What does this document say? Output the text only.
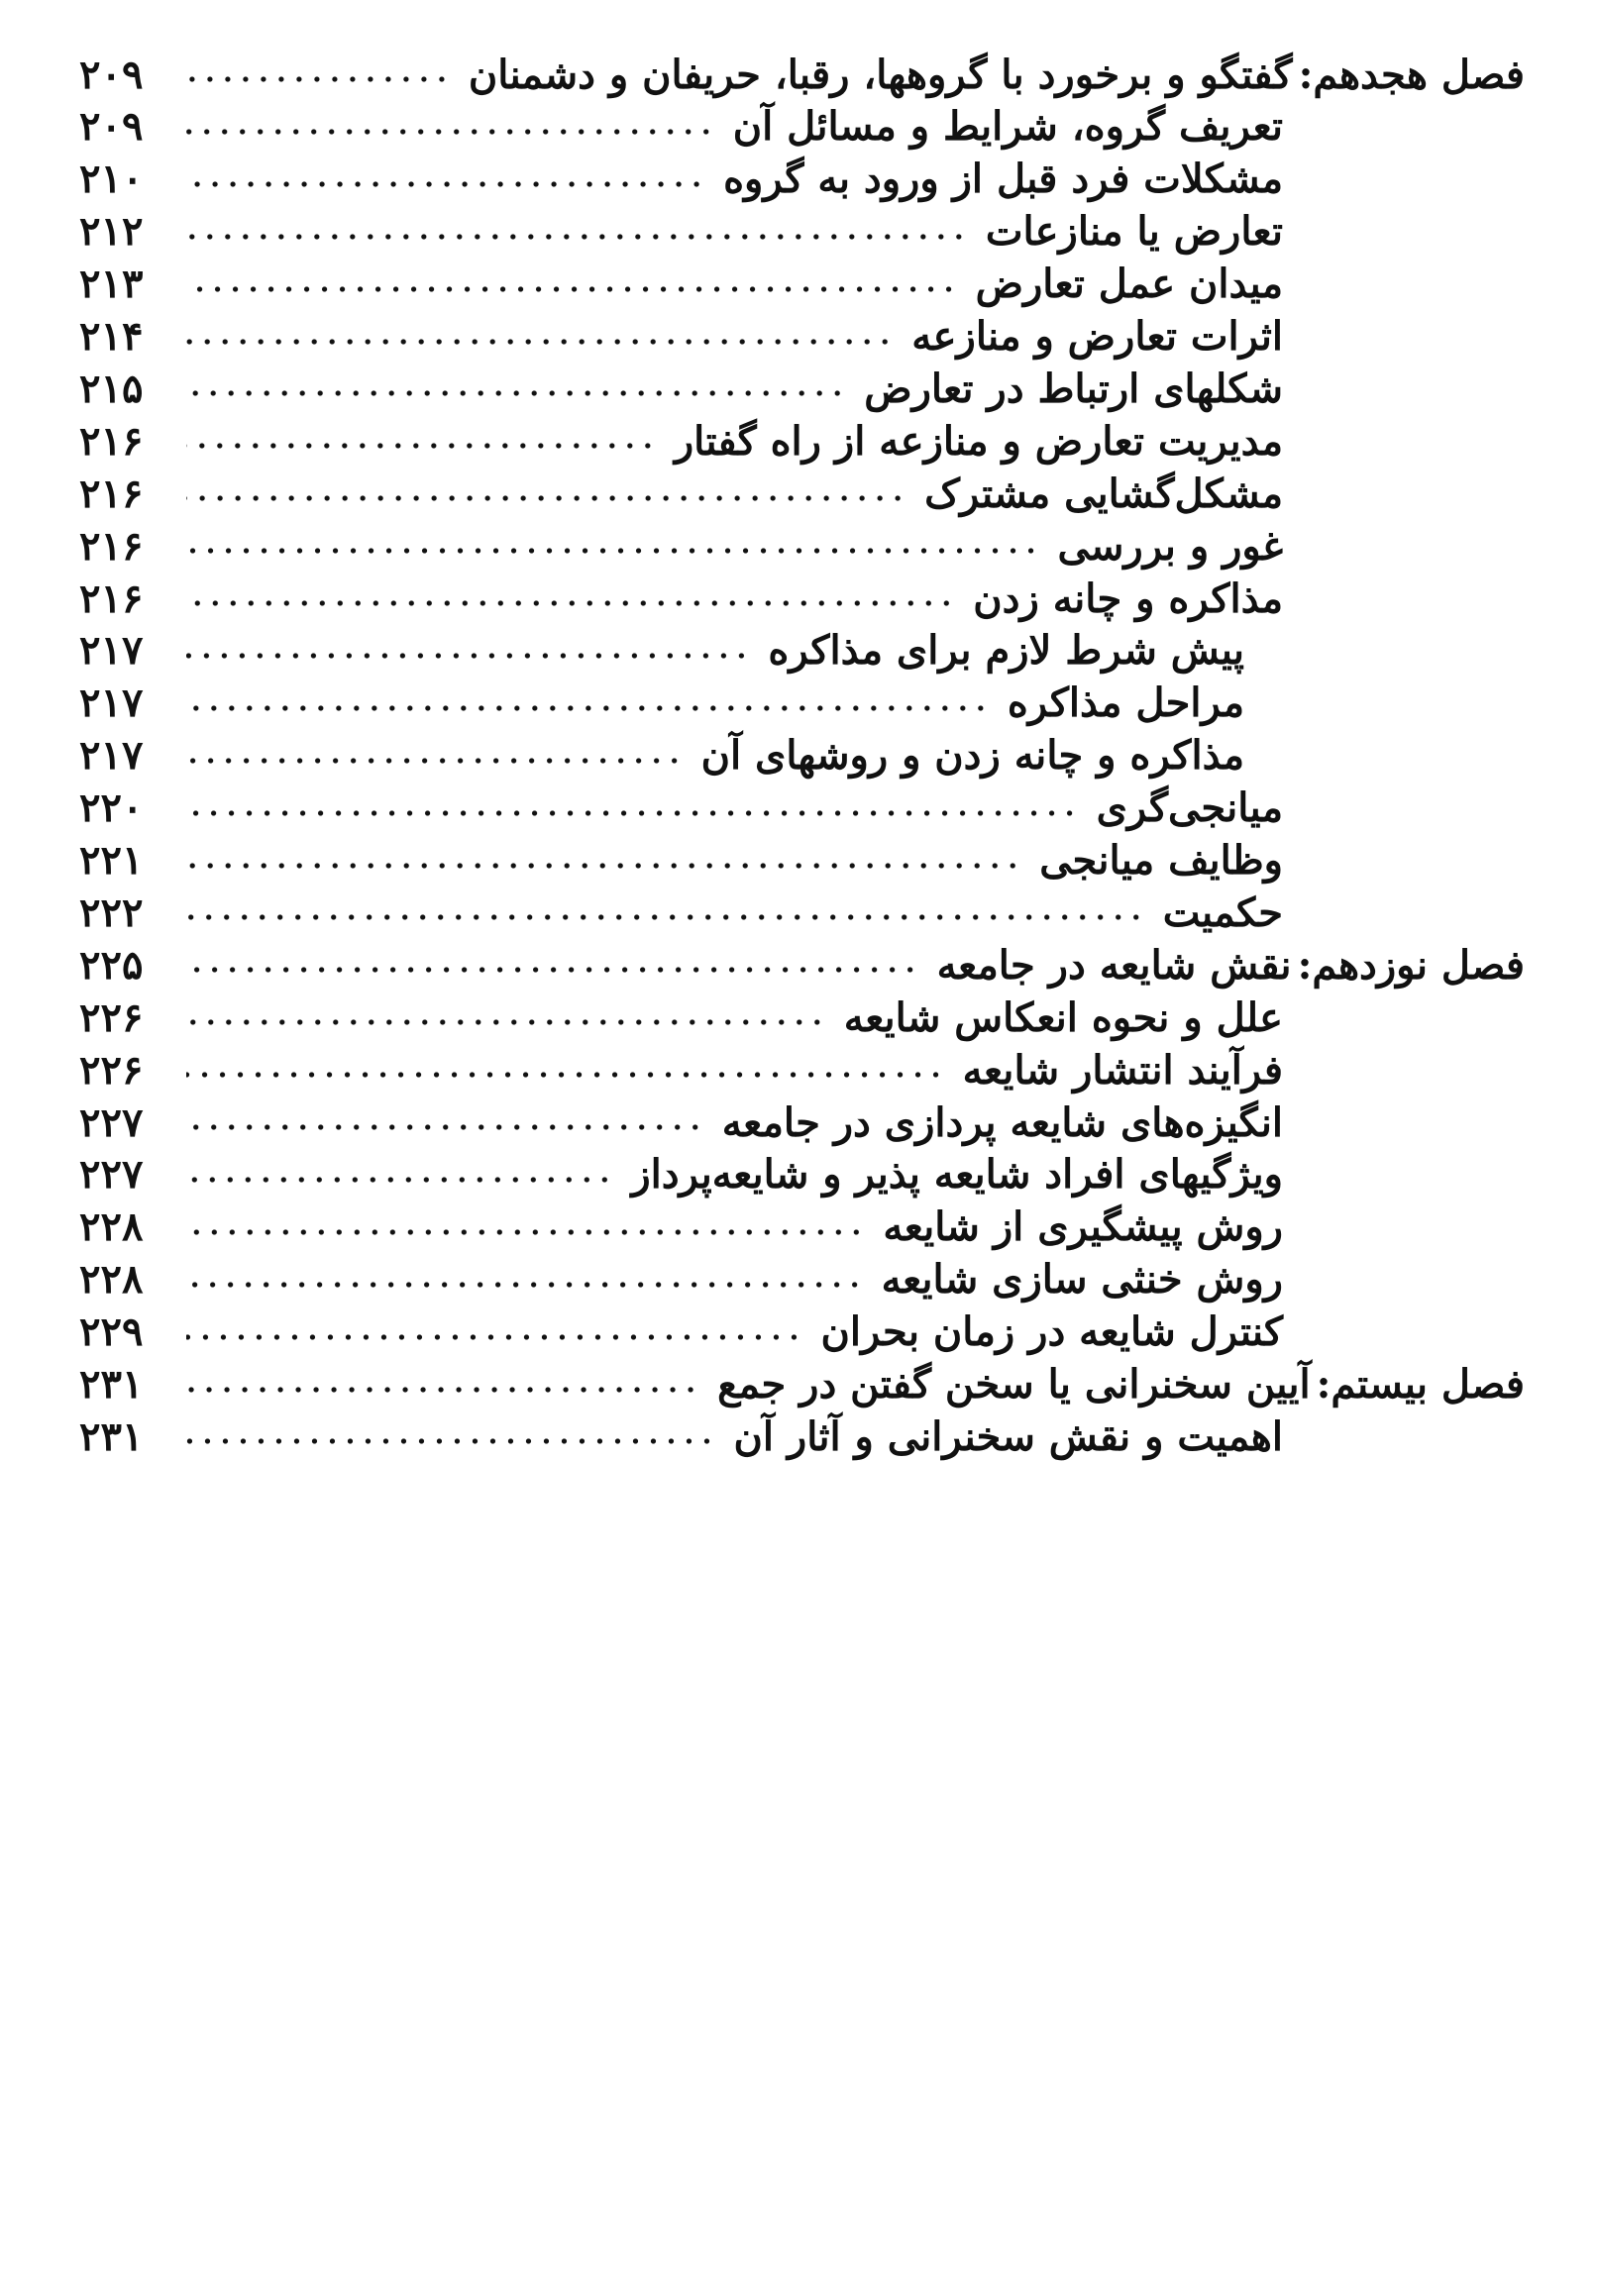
فصل هجدهم:گفتگو و برخورد با گروهها، رقبا، حریفان و دشمنان
۲۰۹
تعریف گروه، شرایط و مسائل آن
۲۰۹
مشکلات فرد قبل از ورود به گروه
۲۱۰
تعارض یا منازعات
۲۱۲
میدان عمل تعارض
۲۱۳
اثرات تعارض و منازعه
۲۱۴
شکلهای ارتباط در تعارض
۲۱۵
مدیریت تعارض و منازعه از راه گفتار
۲۱۶
مشکل‌گشایی مشترک
۲۱۶
غور و بررسی
۲۱۶
مذاکره و چانه زدن
۲۱۶
پیش شرط لازم برای مذاکره
۲۱۷
مراحل مذاکره
۲۱۷
مذاکره و چانه زدن و روشهای آن
۲۱۷
میانجی‌گری
۲۲۰
وظایف میانجی
۲۲۱
حکمیت
۲۲۲
فصل نوزدهم:نقش شایعه در جامعه
۲۲۵
علل و نحوه انعکاس شایعه
۲۲۶
فرآیند انتشار شایعه
۲۲۶
انگیزه‌های شایعه پردازی در جامعه
۲۲۷
ویژگیهای افراد شایعه پذیر و شایعه‌پرداز
۲۲۷
روش پیشگیری از شایعه
۲۲۸
روش خنثی سازی شایعه
۲۲۸
کنترل شایعه در زمان بحران
۲۲۹
فصل بیستم:آیین سخنرانی یا سخن گفتن در جمع
۲۳۱
اهمیت و نقش سخنرانی و آثار آن
۲۳۱
